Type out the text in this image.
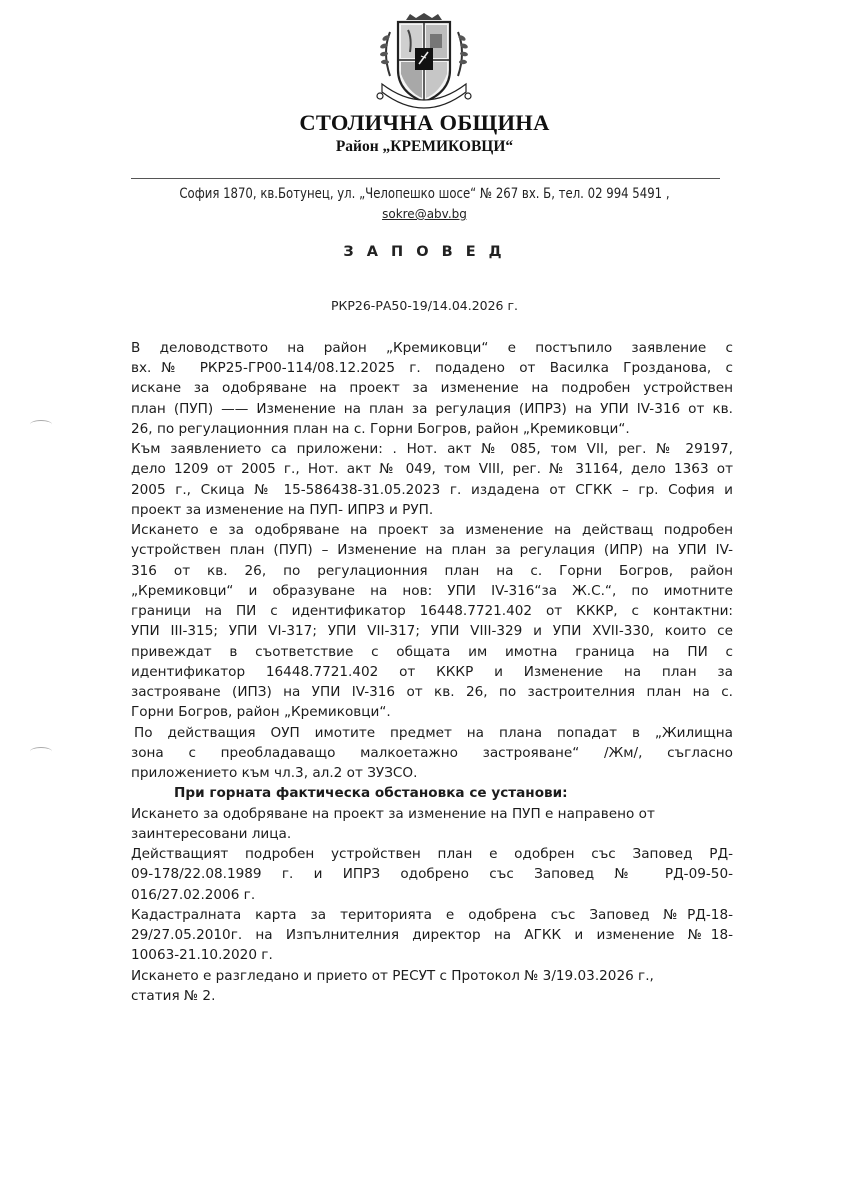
СТОЛИЧНА ОБЩИНА
Район „КРЕМИКОВЦИ“
София 1870, кв.Ботунец, ул. „Челопешко шосе“ № 267 вх. Б, тел. 02 994 5491 ,
sokre@abv.bg
З А П О В Е Д
РКР26-РА50-19/14.04.2026 г.
В деловодството на район „Кремиковци“ е постъпило заявление с
вх.№ РКР25-ГР00-114/08.12.2025 г. подадено от Василка Грозданова, с
искане за одобряване на проект за изменение на подробен устройствен
план (ПУП) —— Изменение на план за регулация (ИПРЗ) на УПИ IV-316 от кв.
26, по регулационния план на с. Горни Богров, район „Кремиковци“.
Към заявлението са приложени: . Нот. акт № 085, том VII, рег. № 29197,
дело 1209 от 2005 г., Нот. акт № 049, том VIII, рег. № 31164, дело 1363 от
2005 г., Скица № 15-586438-31.05.2023 г. издадена от СГКК – гр. София и
проект за изменение на ПУП- ИПРЗ и РУП.
Искането е за одобряване на проект за изменение на действащ подробен
устройствен план (ПУП) – Изменение на план за регулация (ИПР) на УПИ IV-
316 от кв. 26, по регулационния план на с. Горни Богров, район
„Кремиковци“ и образуване на нов: УПИ IV-316“за Ж.С.“, по имотните
граници на ПИ с идентификатор 16448.7721.402 от КККР, с контактни:
УПИ III-315; УПИ VI-317; УПИ VII-317; УПИ VIII-329 и УПИ XVII-330, които се
привеждат в съответствие с общата им имотна граница на ПИ с
идентификатор 16448.7721.402 от КККР и Изменение на план за
застрояване (ИПЗ) на УПИ IV-316 от кв. 26, по застроителния план на с.
Горни Богров, район „Кремиковци“.
По действащия ОУП имотите предмет на плана попадат в „Жилищна
зона с преобладаващо малкоетажно застрояване“ /Жм/, съгласно
приложението към чл.3, ал.2 от ЗУЗСО.
При горната фактическа обстановка се установи:
Искането за одобряване на проект за изменение на ПУП е направено от
заинтересовани лица.
Действащият подробен устройствен план е одобрен със Заповед РД-
09-178/22.08.1989 г. и ИПРЗ одобрено със Заповед № РД-09-50-
016/27.02.2006 г.
Кадастралната карта за територията е одобрена със Заповед №РД-18-
29/27.05.2010г. на Изпълнителния директор на АГКК и изменение №18-
10063-21.10.2020 г.
Искането е разгледано и прието от РЕСУТ с Протокол № 3/19.03.2026 г.,
статия № 2.
